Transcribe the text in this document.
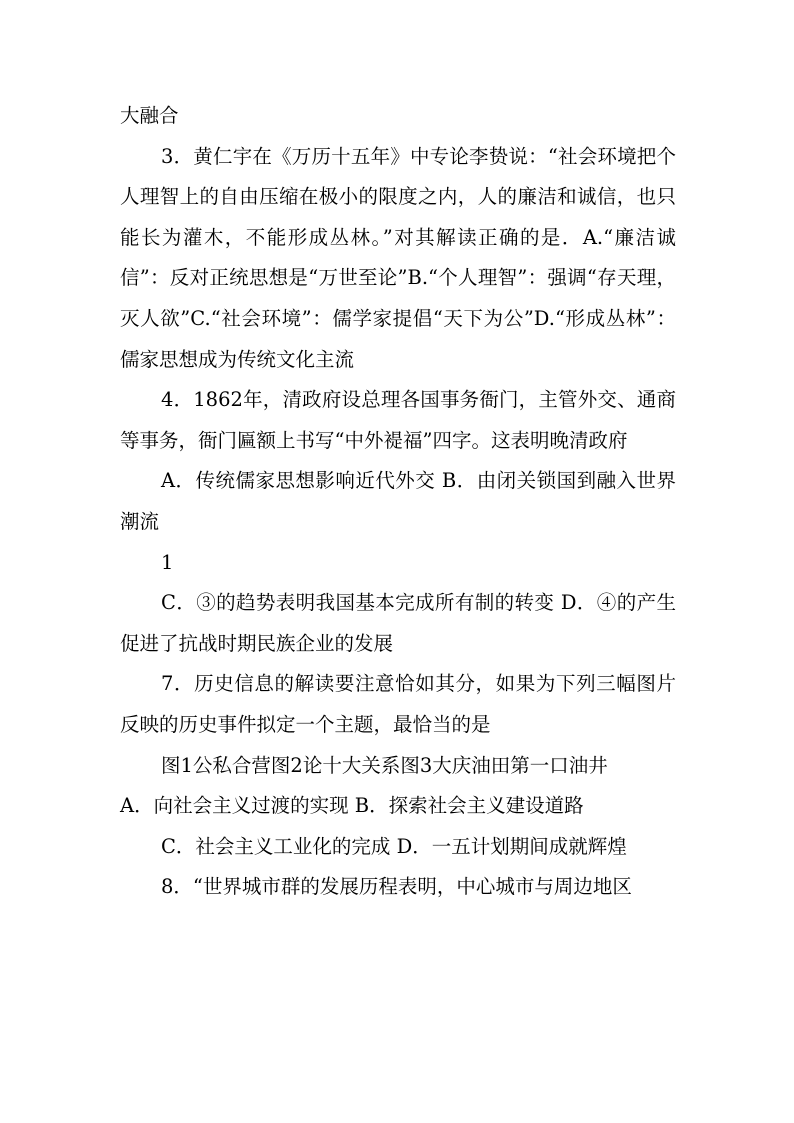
大融合

3．黄仁宇在《万历十五年》中专论李贽说：“社会环境把个人理智上的自由压缩在极小的限度之内，人的廉洁和诚信，也只能长为灌木，不能形成丛林。”对其解读正确的是．A.“廉洁诚信”：反对正统思想是“万世至论”B.“个人理智”：强调“存天理，灭人欲”C.“社会环境”：儒学家提倡“天下为公”D.“形成丛林”：儒家思想成为传统文化主流

4．1862年，清政府设总理各国事务衙门，主管外交、通商等事务，衙门匾额上书写“中外褆福”四字。这表明晚清政府

A．传统儒家思想影响近代外交 B．由闭关锁国到融入世界潮流

1

C．③的趋势表明我国基本完成所有制的转变 D．④的产生促进了抗战时期民族企业的发展

7．历史信息的解读要注意恰如其分，如果为下列三幅图片反映的历史事件拟定一个主题，最恰当的是

图1公私合营图2论十大关系图3大庆油田第一口油井

A．向社会主义过渡的实现 B．探索社会主义建设道路

C．社会主义工业化的完成 D．一五计划期间成就辉煌

8．“世界城市群的发展历程表明，中心城市与周边地区
